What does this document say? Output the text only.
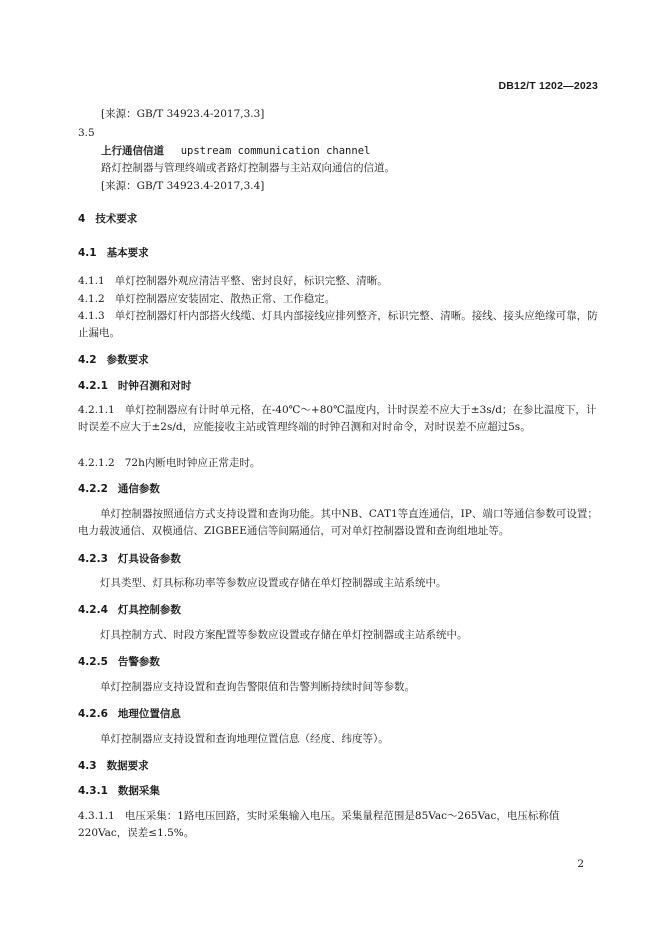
DB12/T 1202—2023
[来源：GB/T 34923.4-2017,3.3]
3.5
上行通信信道 upstream communication channel
路灯控制器与管理终端或者路灯控制器与主站双向通信的信道。
[来源：GB/T 34923.4-2017,3.4]
4 技术要求
4.1 基本要求
4.1.1 单灯控制器外观应清洁平整、密封良好，标识完整、清晰。
4.1.2 单灯控制器应安装固定、散热正常、工作稳定。
4.1.3 单灯控制器灯杆内部搭火线缆、灯具内部接线应排列整齐，标识完整、清晰。接线、接头应绝缘可靠，防止漏电。
4.2 参数要求
4.2.1 时钟召测和对时
4.2.1.1 单灯控制器应有计时单元格，在-40℃～+80℃温度内，计时误差不应大于±3s/d；在参比温度下，计时误差不应大于±2s/d，应能接收主站或管理终端的时钟召测和对时命令，对时误差不应超过5s。
4.2.1.2 72h内断电时钟应正常走时。
4.2.2 通信参数
单灯控制器按照通信方式支持设置和查询功能。其中NB、CAT1等直连通信，IP、端口等通信参数可设置；电力载波通信、双模通信、ZIGBEE通信等间隔通信，可对单灯控制器设置和查询组地址等。
4.2.3 灯具设备参数
灯具类型、灯具标称功率等参数应设置或存储在单灯控制器或主站系统中。
4.2.4 灯具控制参数
灯具控制方式、时段方案配置等参数应设置或存储在单灯控制器或主站系统中。
4.2.5 告警参数
单灯控制器应支持设置和查询告警限值和告警判断持续时间等参数。
4.2.6 地理位置信息
单灯控制器应支持设置和查询地理位置信息（经度、纬度等）。
4.3 数据要求
4.3.1 数据采集
4.3.1.1 电压采集：1路电压回路，实时采集输入电压。采集量程范围是85Vac～265Vac，电压标称值220Vac，误差≤1.5%。
2
